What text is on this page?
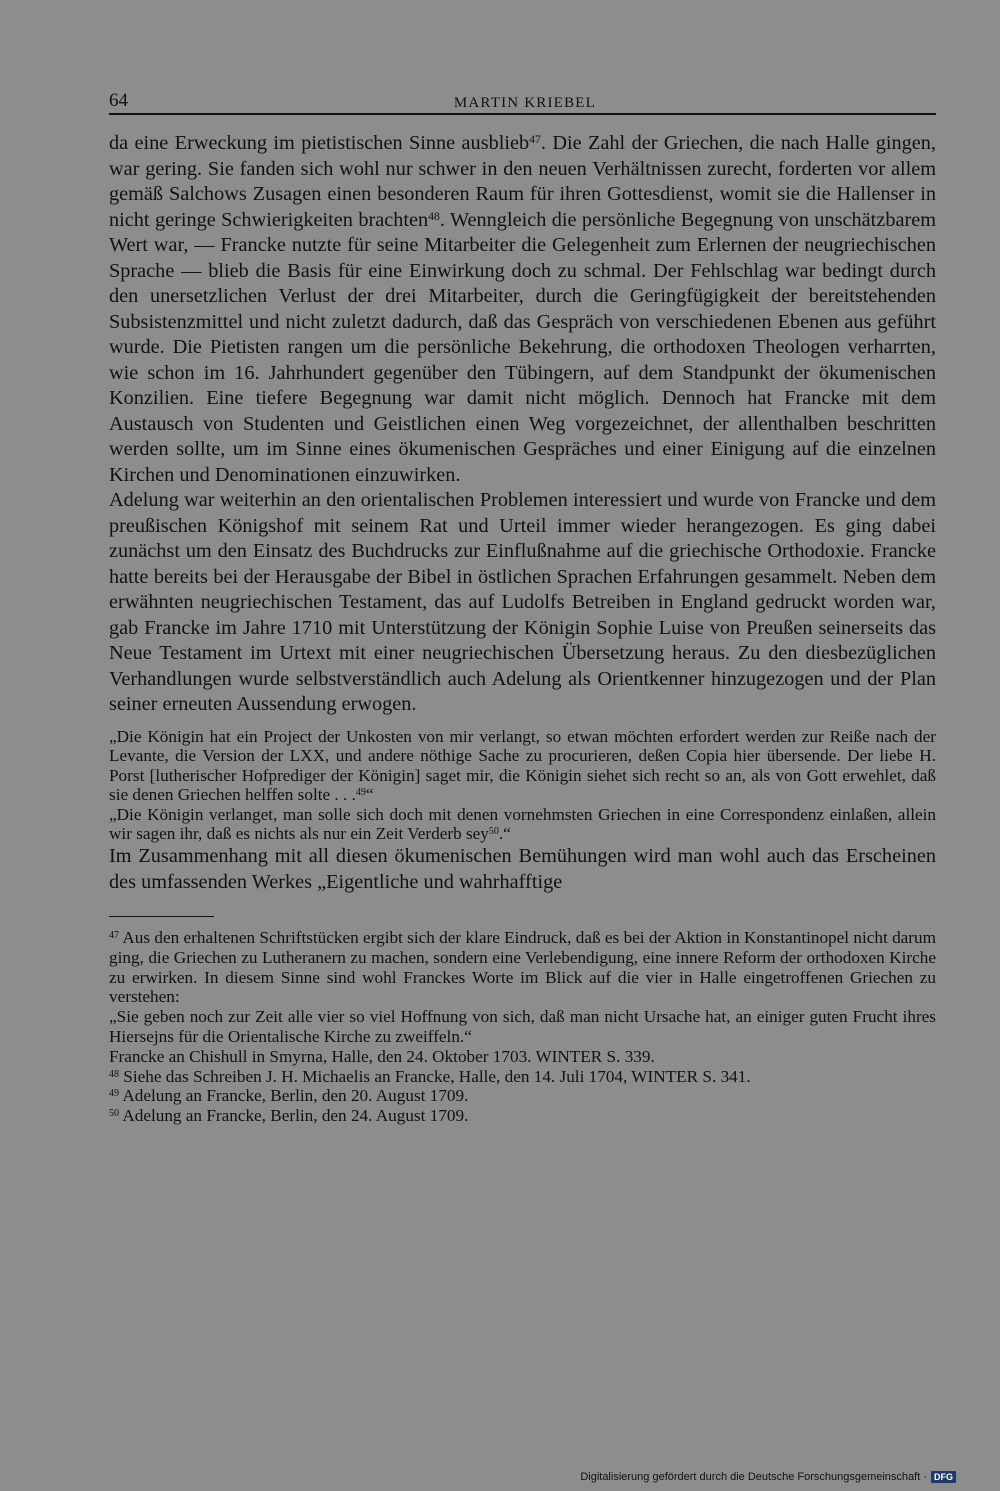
64	MARTIN KRIEBEL

da eine Erweckung im pietistischen Sinne ausblieb$^{47}$. Die Zahl der Griechen, die nach Halle gingen, war gering. Sie fanden sich wohl nur schwer in den neuen Verhältnissen zurecht, forderten vor allem gemäß Salchows Zusagen einen besonderen Raum für ihren Gottesdienst, womit sie die Hallenser in nicht geringe Schwierigkeiten brachten$^{48}$. Wenngleich die persönliche Begegnung von unschätzbarem Wert war, — Francke nutzte für seine Mitarbeiter die Gelegenheit zum Erlernen der neugriechischen Sprache — blieb die Basis für eine Einwirkung doch zu schmal. Der Fehlschlag war bedingt durch den unersetzlichen Verlust der drei Mitarbeiter, durch die Geringfügigkeit der bereitstehenden Subsistenzmittel und nicht zuletzt dadurch, daß das Gespräch von verschiedenen Ebenen aus geführt wurde. Die Pietisten rangen um die persönliche Bekehrung, die orthodoxen Theologen verharrten, wie schon im 16. Jahrhundert gegenüber den Tübingern, auf dem Standpunkt der ökumenischen Konzilien. Eine tiefere Begegnung war damit nicht möglich. Dennoch hat Francke mit dem Austausch von Studenten und Geistlichen einen Weg vorgezeichnet, der allenthalben beschritten werden sollte, um im Sinne eines ökumenischen Gespräches und einer Einigung auf die einzelnen Kirchen und Denominationen einzuwirken.

Adelung war weiterhin an den orientalischen Problemen interessiert und wurde von Francke und dem preußischen Königshof mit seinem Rat und Urteil immer wieder herangezogen. Es ging dabei zunächst um den Einsatz des Buchdrucks zur Einflußnahme auf die griechische Orthodoxie. Francke hatte bereits bei der Herausgabe der Bibel in östlichen Sprachen Erfahrungen gesammelt. Neben dem erwähnten neugriechischen Testament, das auf Ludolfs Betreiben in England gedruckt worden war, gab Francke im Jahre 1710 mit Unterstützung der Königin Sophie Luise von Preußen seinerseits das Neue Testament im Urtext mit einer neugriechischen Übersetzung heraus. Zu den diesbezüglichen Verhandlungen wurde selbstverständlich auch Adelung als Orientkenner hinzugezogen und der Plan seiner erneuten Aussendung erwogen.

„Die Königin hat ein Project der Unkosten von mir verlangt, so etwan möchten erfordert werden zur Reiße nach der Levante, die Version der LXX, und andere nöthige Sache zu procurieren, deßen Copia hier übersende. Der liebe H. Porst [lutherischer Hofprediger der Königin] saget mir, die Königin siehet sich recht so an, als von Gott erwehlet, daß sie denen Griechen helffen solte . . .$^{49}$“

„Die Königin verlanget, man solle sich doch mit denen vornehmsten Griechen in eine Correspondenz einlaßen, allein wir sagen ihr, daß es nichts als nur ein Zeit Verderb sey$^{50}$.“

Im Zusammenhang mit all diesen ökumenischen Bemühungen wird man wohl auch das Erscheinen des umfassenden Werkes „Eigentliche und wahrhafftige

$^{47}$ Aus den erhaltenen Schriftstücken ergibt sich der klare Eindruck, daß es bei der Aktion in Konstantinopel nicht darum ging, die Griechen zu Lutheranern zu machen, sondern eine Verlebendigung, eine innere Reform der orthodoxen Kirche zu erwirken. In diesem Sinne sind wohl Franckes Worte im Blick auf die vier in Halle eingetroffenen Griechen zu verstehen:

„Sie geben noch zur Zeit alle vier so viel Hoffnung von sich, daß man nicht Ursache hat, an einiger guten Frucht ihres Hiersejns für die Orientalische Kirche zu zweiffeln.“

Francke an Chishull in Smyrna, Halle, den 24. Oktober 1703. WINTER S. 339.

$^{48}$ Siehe das Schreiben J. H. Michaelis an Francke, Halle, den 14. Juli 1704, WINTER S. 341.

$^{49}$ Adelung an Francke, Berlin, den 20. August 1709.

$^{50}$ Adelung an Francke, Berlin, den 24. August 1709.

Digitalisierung gefördert durch die Deutsche Forschungsgemeinschaft · DFG
